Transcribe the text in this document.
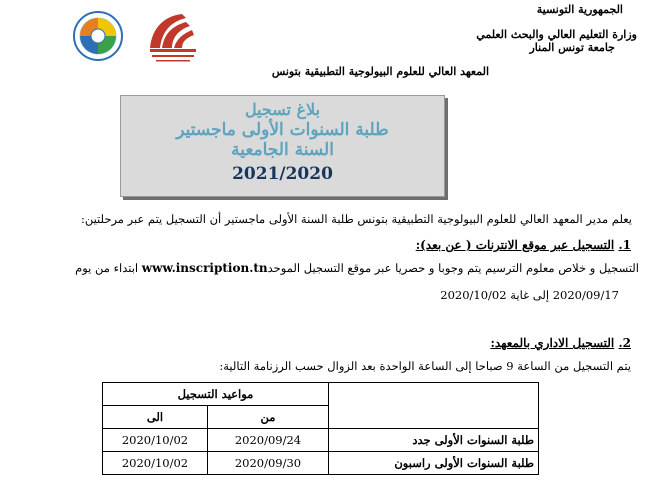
الجمهورية التونسية
وزارة التعليم العالي والبحث العلمي
جامعة تونس المنار
المعهد العالي للعلوم البيولوجية التطبيقية بتونس
بلاغ تسجيل
طلبة السنوات الأولى ماجستير
السنة الجامعية
2021/2020
يعلم مدير المعهد العالي للعلوم البيولوجية التطبيقية بتونس طلبة السنة الأولى ماجستير أن التسجيل يتم عبر مرحلتين:
1. التسجيل عبر موقع الانترنات ( عن بعد):
التسجيل و خلاص معلوم الترسيم يتم وجوبا و حصريا عبر موقع التسجيل الموحدwww.inscription.tn ابتداء من يوم
2020/09/17 إلى غاية 2020/10/02
2. التسجيل الاداري بالمعهد:
يتم التسجيل من الساعة 9 صباحا إلى الساعة الواحدة بعد الزوال حسب الرزنامة التالية:
مواعيد التسجيل		
الى	من	
2020/10/02	2020/09/24	طلبة السنوات الأولى جدد
2020/10/02	2020/09/30	طلبة السنوات الأولى راسبون
